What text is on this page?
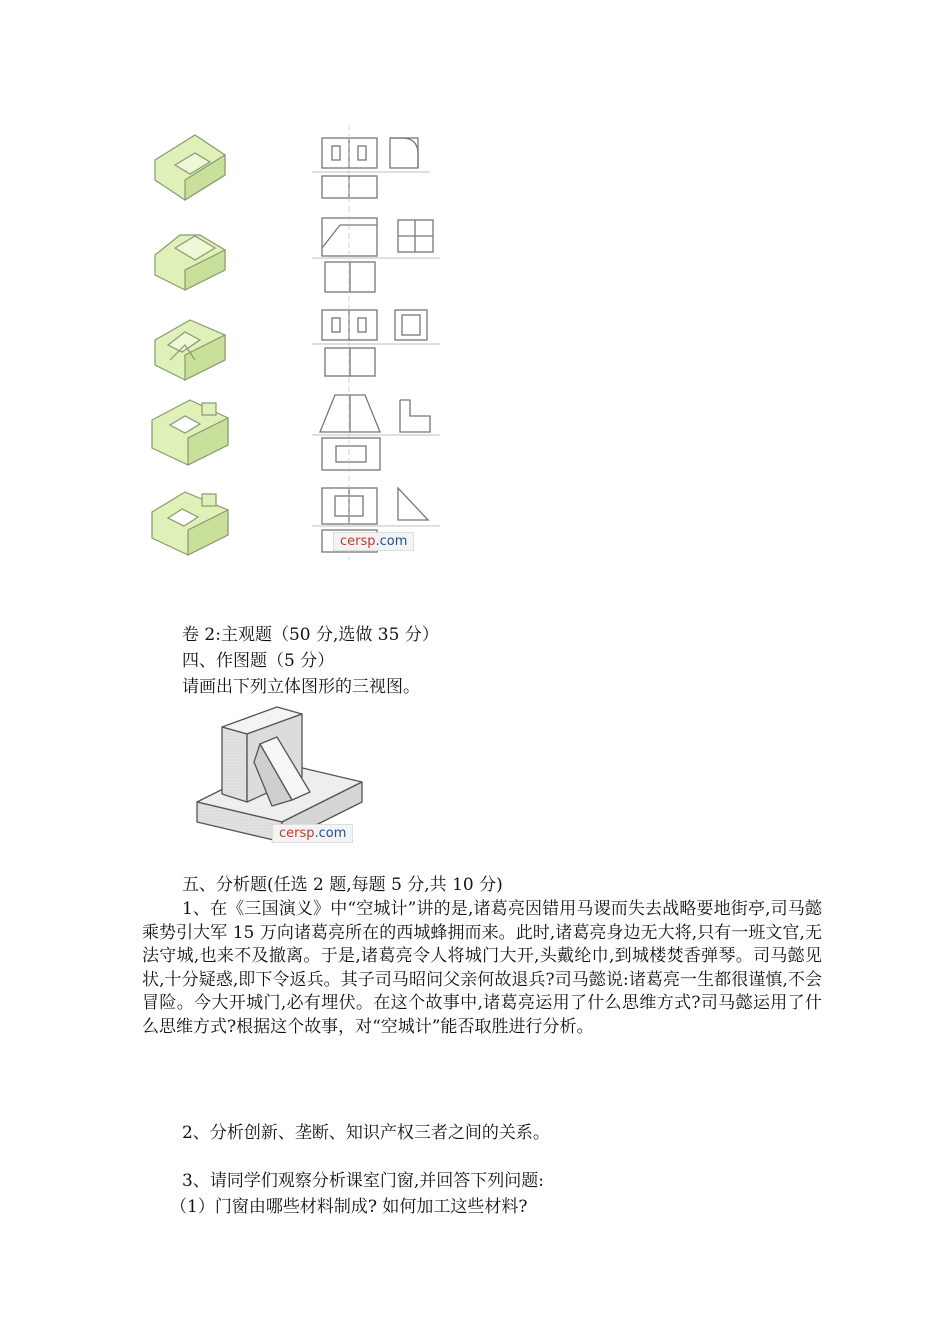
cersp.com
卷 2:主观题（50 分,选做 35 分）
四、作图题（5 分）
请画出下列立体图形的三视图。
cersp.com
五、分析题(任选 2 题,每题 5 分,共 10 分)
1、在《三国演义》中“空城计”讲的是,诸葛亮因错用马谡而失去战略要地街亭,司马懿乘势引大军 15 万向诸葛亮所在的西城蜂拥而来。此时,诸葛亮身边无大将,只有一班文官,无法守城,也来不及撤离。于是,诸葛亮令人将城门大开,头戴纶巾,到城楼焚香弹琴。司马懿见状,十分疑惑,即下令返兵。其子司马昭问父亲何故退兵?司马懿说:诸葛亮一生都很谨慎,不会冒险。今大开城门,必有埋伏。在这个故事中,诸葛亮运用了什么思维方式?司马懿运用了什么思维方式?根据这个故事，对“空城计”能否取胜进行分析。
2、分析创新、垄断、知识产权三者之间的关系。
3、请同学们观察分析课室门窗,并回答下列问题:
（1）门窗由哪些材料制成? 如何加工这些材料?
